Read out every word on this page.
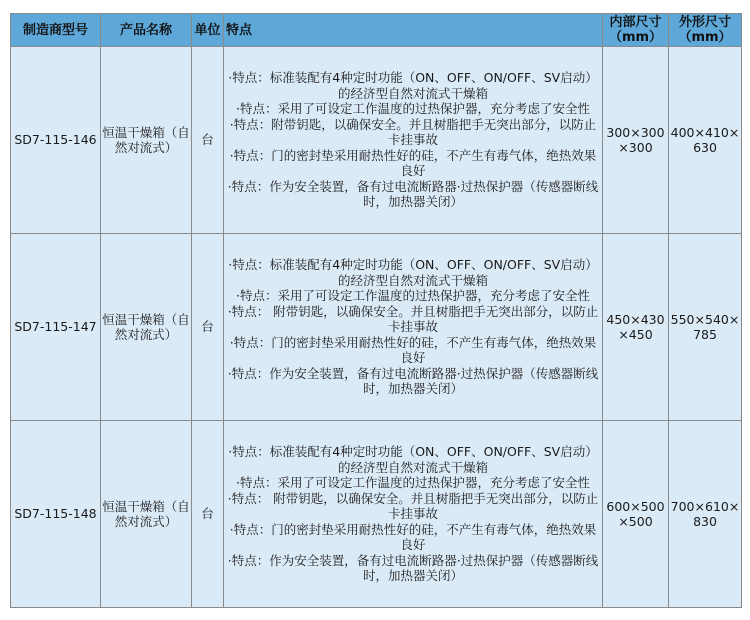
制造商型号	产品名称	单位	特点	内部尺寸（mm）	外形尺寸（mm）
SD7-115-146	恒温干燥箱（自然对流式）	台	·特点：标准装配有4种定时功能（ON、OFF、ON/OFF、SV启动）的经济型自然对流式干燥箱
·特点：采用了可设定工作温度的过热保护器，充分考虑了安全性
·特点：附带钥匙，以确保安全。并且树脂把手无突出部分，以防止卡挂事故
·特点：门的密封垫采用耐热性好的硅，不产生有毒气体，绝热效果良好
·特点：作为安全装置，备有过电流断路器·过热保护器（传感器断线时，加热器关闭）	300×300×300	400×410×630
SD7-115-147	恒温干燥箱（自然对流式）	台	·特点：标准装配有4种定时功能（ON、OFF、ON/OFF、SV启动）的经济型自然对流式干燥箱
·特点：采用了可设定工作温度的过热保护器，充分考虑了安全性
·特点： 附带钥匙，以确保安全。并且树脂把手无突出部分，以防止卡挂事故
·特点：门的密封垫采用耐热性好的硅，不产生有毒气体，绝热效果良好
·特点：作为安全装置，备有过电流断路器·过热保护器（传感器断线时，加热器关闭）	450×430×450	550×540×785
SD7-115-148	恒温干燥箱（自然对流式）	台	·特点：标准装配有4种定时功能（ON、OFF、ON/OFF、SV启动）的经济型自然对流式干燥箱
·特点：采用了可设定工作温度的过热保护器，充分考虑了安全性
·特点： 附带钥匙，以确保安全。并且树脂把手无突出部分，以防止卡挂事故
·特点：门的密封垫采用耐热性好的硅，不产生有毒气体，绝热效果良好
·特点：作为安全装置，备有过电流断路器·过热保护器（传感器断线时，加热器关闭）	600×500×500	700×610×830
